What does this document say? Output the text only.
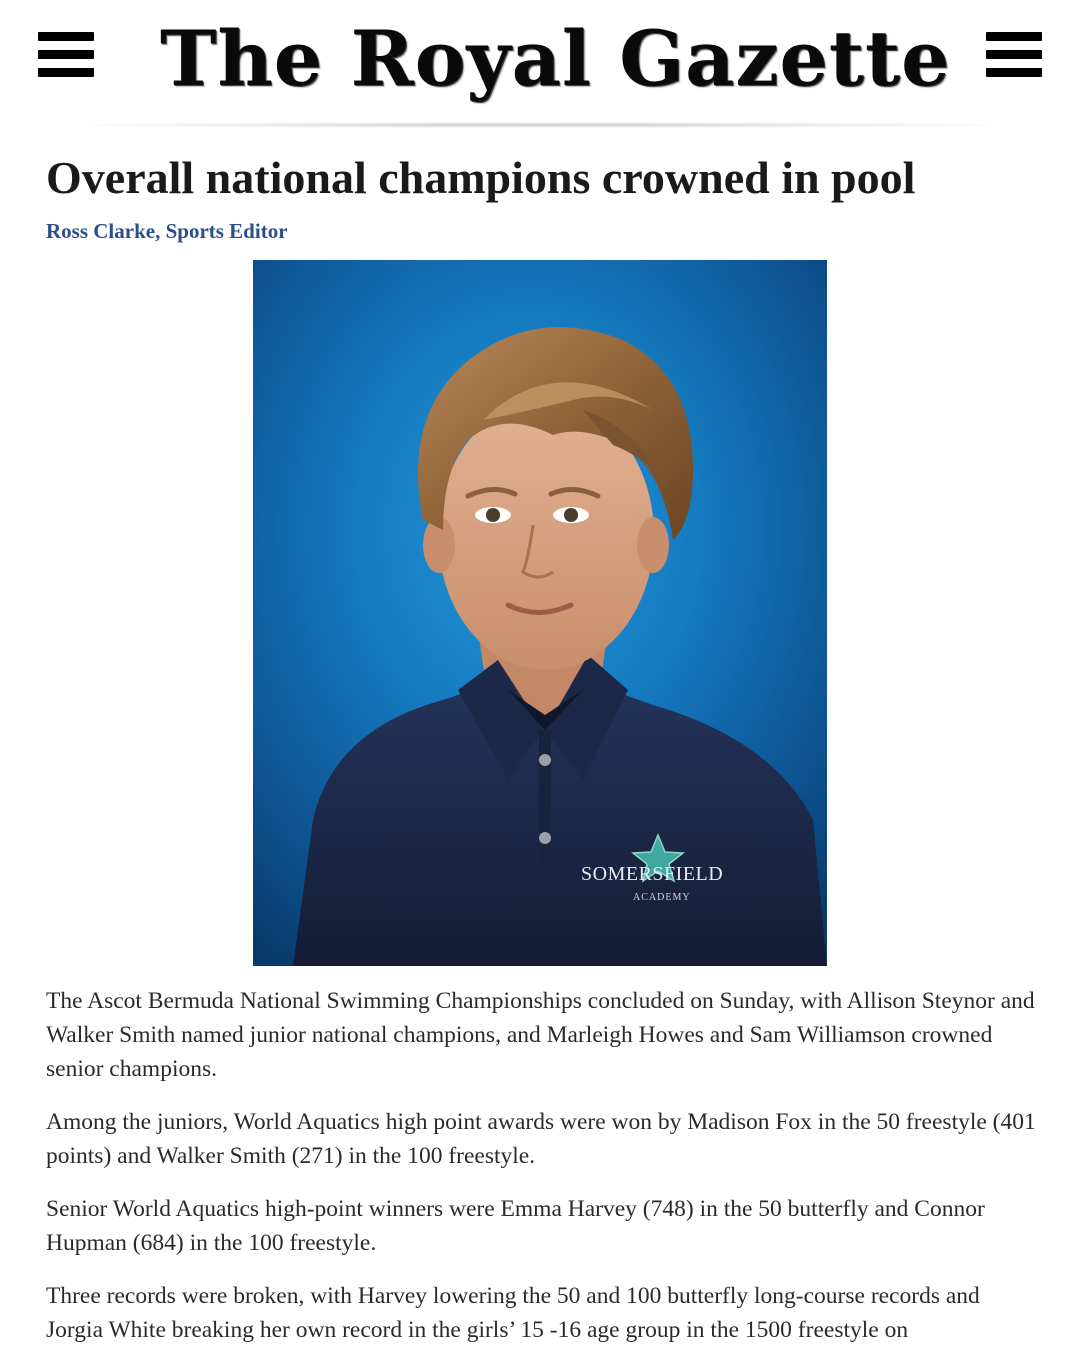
The Royal Gazette
Overall national champions crowned in pool
Ross Clarke, Sports Editor
SOMERSFIELD
ACADEMY

The Ascot Bermuda National Swimming Championships concluded on Sunday, with Allison Steynor and Walker Smith named junior national champions, and Marleigh Howes and Sam Williamson crowned senior champions.

Among the juniors, World Aquatics high point awards were won by Madison Fox in the 50 freestyle (401 points) and Walker Smith (271) in the 100 freestyle.

Senior World Aquatics high-point winners were Emma Harvey (748) in the 50 butterfly and Connor Hupman (684) in the 100 freestyle.

Three records were broken, with Harvey lowering the 50 and 100 butterfly long-course records and Jorgia White breaking her own record in the girls’ 15 -16 age group in the 1500 freestyle on
